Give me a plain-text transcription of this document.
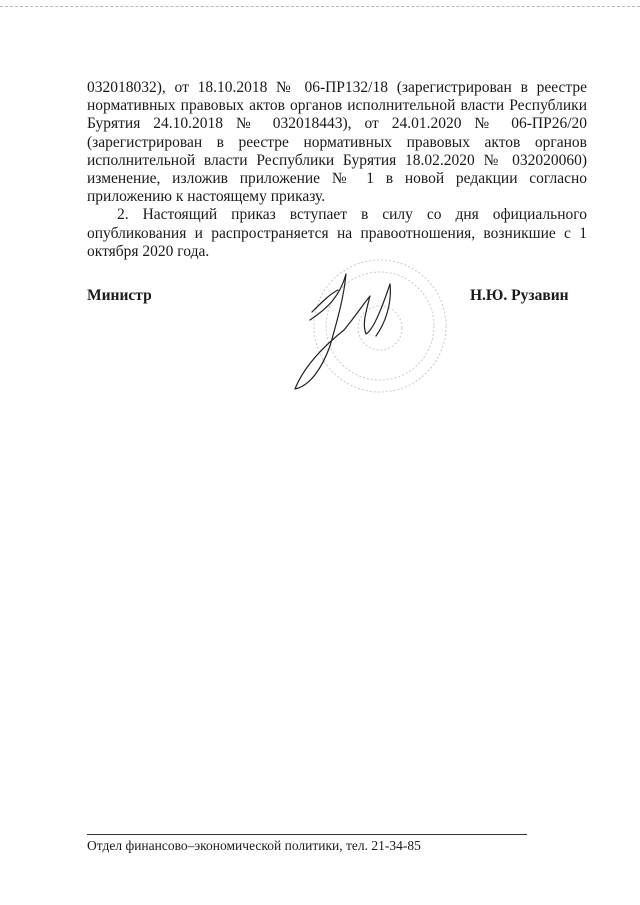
032018032), от 18.10.2018 № 06-ПР132/18 (зарегистрирован в реестре нормативных правовых актов органов исполнительной власти Республики Бурятия 24.10.2018 № 032018443), от 24.01.2020 № 06-ПР26/20 (зарегистрирован в реестре нормативных правовых актов органов исполнительной власти Республики Бурятия 18.02.2020 № 032020060) изменение, изложив приложение № 1 в новой редакции согласно приложению к настоящему приказу.

2. Настоящий приказ вступает в силу со дня официального опубликования и распространяется на правоотношения, возникшие с 1 октября 2020 года.

Министр	Н.Ю. Рузавин
Отдел финансово–экономической политики, тел. 21-34-85
